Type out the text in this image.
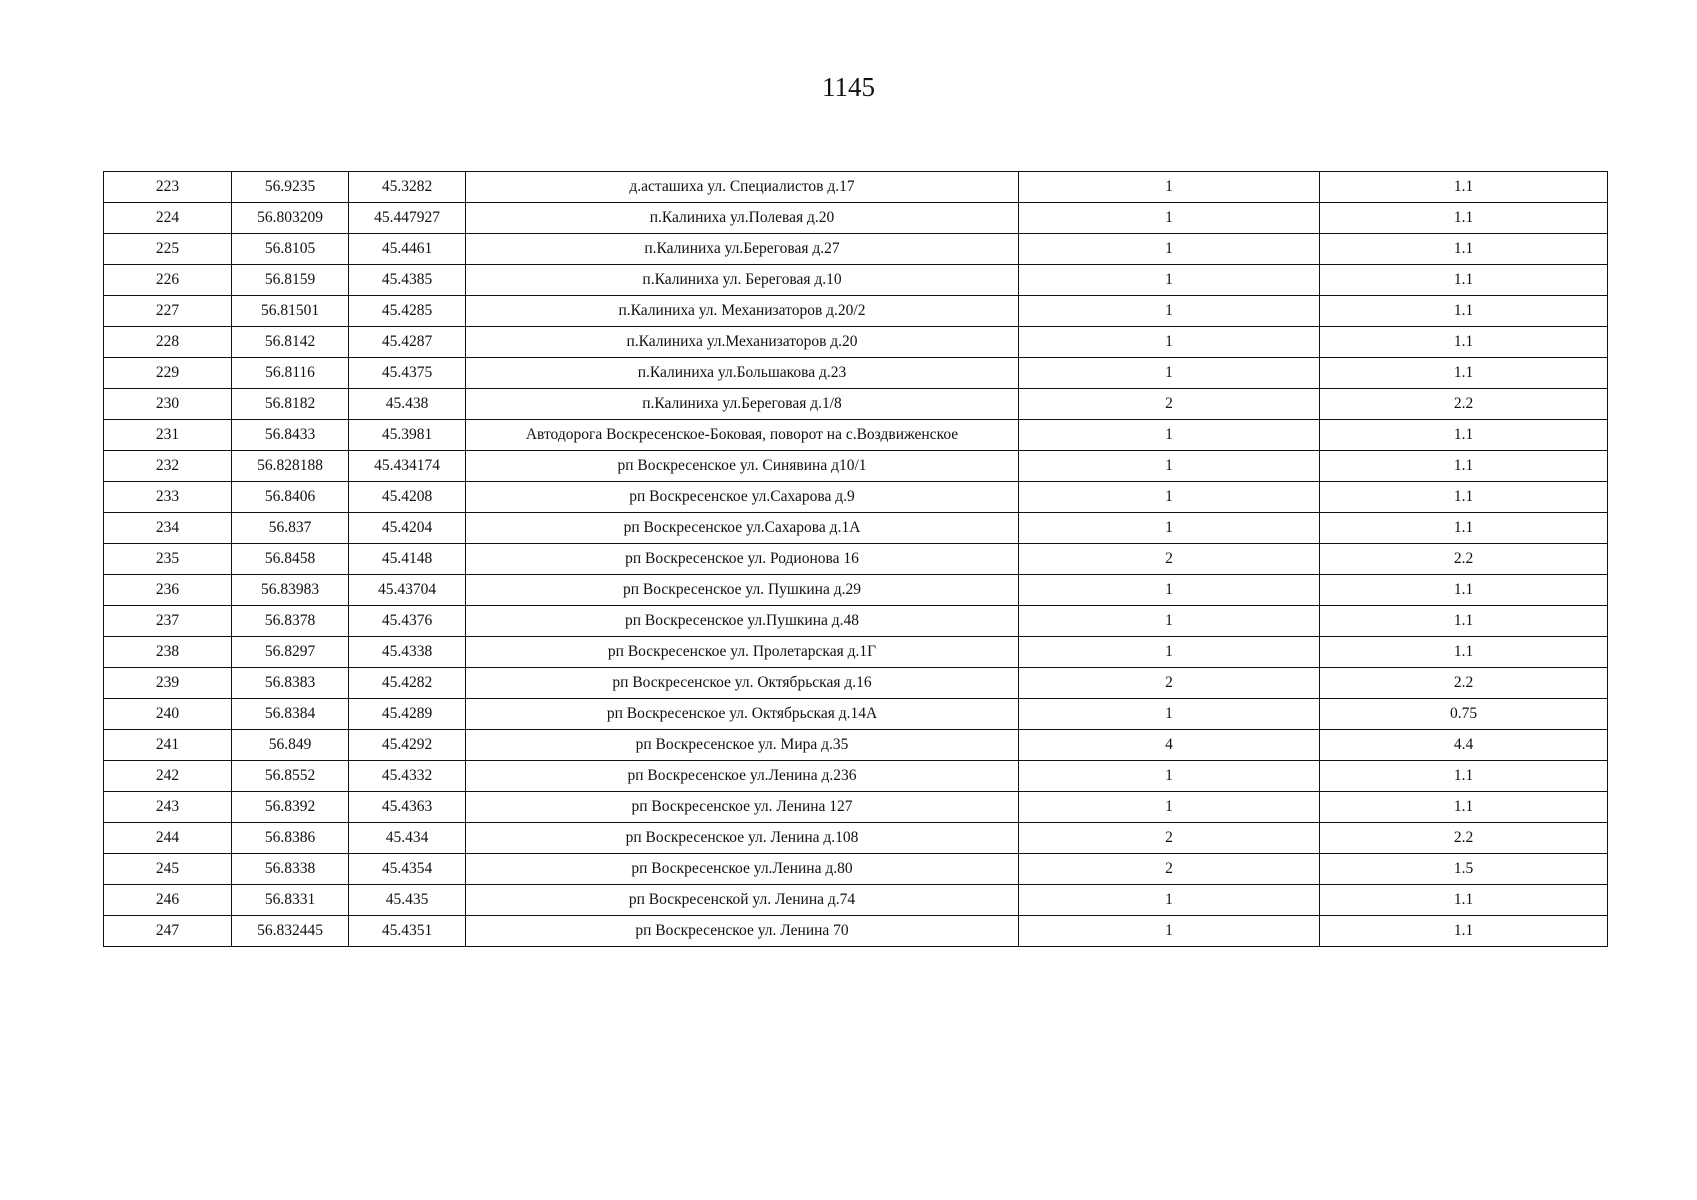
1145
223	56.9235	45.3282	д.асташиха ул. Специалистов д.17	1	1.1
224	56.803209	45.447927	п.Калиниха ул.Полевая д.20	1	1.1
225	56.8105	45.4461	п.Калиниха ул.Береговая д.27	1	1.1
226	56.8159	45.4385	п.Калиниха ул. Береговая д.10	1	1.1
227	56.81501	45.4285	п.Калиниха ул. Механизаторов д.20/2	1	1.1
228	56.8142	45.4287	п.Калиниха ул.Механизаторов д.20	1	1.1
229	56.8116	45.4375	п.Калиниха ул.Большакова д.23	1	1.1
230	56.8182	45.438	п.Калиниха ул.Береговая д.1/8	2	2.2
231	56.8433	45.3981	Автодорога Воскресенское-Боковая, поворот на с.Воздвиженское	1	1.1
232	56.828188	45.434174	рп Воскресенское ул. Синявина д10/1	1	1.1
233	56.8406	45.4208	рп Воскресенское ул.Сахарова д.9	1	1.1
234	56.837	45.4204	рп Воскресенское ул.Сахарова д.1А	1	1.1
235	56.8458	45.4148	рп Воскресенское ул. Родионова 16	2	2.2
236	56.83983	45.43704	рп Воскресенское ул. Пушкина д.29	1	1.1
237	56.8378	45.4376	рп Воскресенское ул.Пушкина д.48	1	1.1
238	56.8297	45.4338	рп Воскресенское ул. Пролетарская д.1Г	1	1.1
239	56.8383	45.4282	рп Воскресенское ул. Октябрьская д.16	2	2.2
240	56.8384	45.4289	рп Воскресенское ул. Октябрьская д.14А	1	0.75
241	56.849	45.4292	рп Воскресенское ул. Мира д.35	4	4.4
242	56.8552	45.4332	рп Воскресенское ул.Ленина д.236	1	1.1
243	56.8392	45.4363	рп Воскресенское ул. Ленина 127	1	1.1
244	56.8386	45.434	рп Воскресенское ул. Ленина д.108	2	2.2
245	56.8338	45.4354	рп Воскресенское ул.Ленина д.80	2	1.5
246	56.8331	45.435	рп Воскресенской ул. Ленина д.74	1	1.1
247	56.832445	45.4351	рп Воскресенское ул. Ленина 70	1	1.1
